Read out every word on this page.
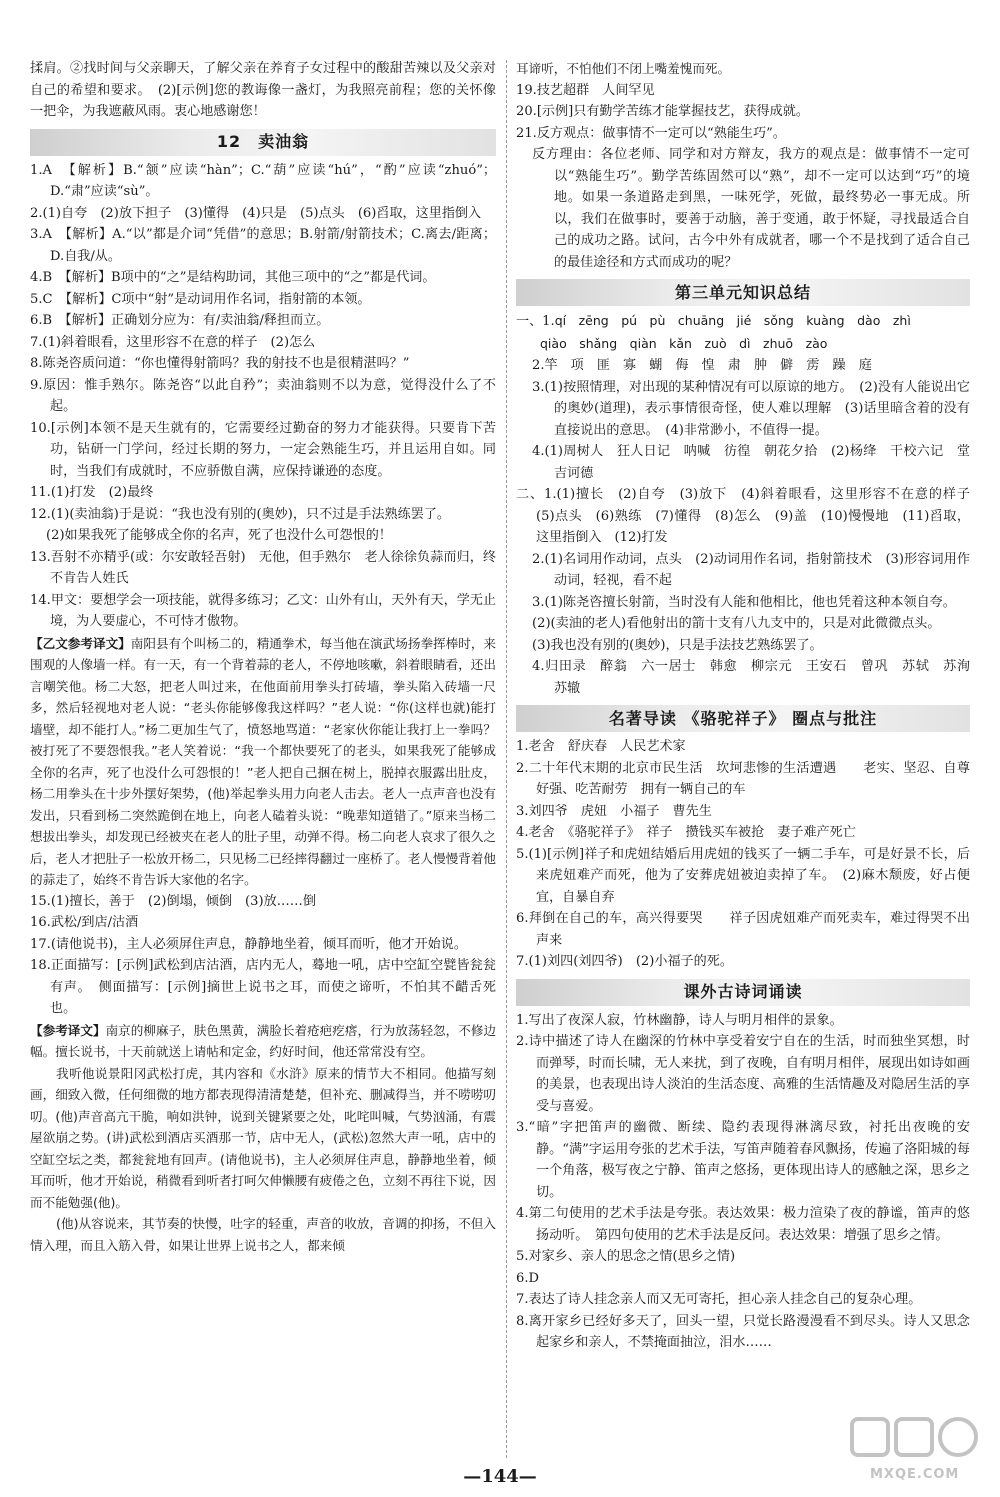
揉肩。②找时间与父亲聊天，了解父亲在养育子女过程中的酸甜苦辣以及父亲对自己的希望和要求。　(2)[示例]您的教诲像一盏灯，为我照亮前程；您的关怀像一把伞，为我遮蔽风雨。衷心地感谢您！

12　卖油翁

1.A　【解析】B.“颔”应读“hàn”；C.“葫”应读“hú”，“酌”应读“zhuó”；D.“肃”应读“sù”。

2.(1)自夸　(2)放下担子　(3)懂得　(4)只是　(5)点头　(6)舀取，这里指倒入

3.A　【解析】A.“以”都是介词“凭借”的意思；B.射箭/射箭技术；C.离去/距离；D.自我/从。

4.B　【解析】B项中的“之”是结构助词，其他三项中的“之”都是代词。

5.C　【解析】C项中“射”是动词用作名词，指射箭的本领。

6.B　【解析】正确划分应为：有/卖油翁/释担而立。

7.(1)斜着眼看，这里形容不在意的样子　(2)怎么

8.陈尧咨质问道：“你也懂得射箭吗？我的射技不也是很精湛吗？”

9.原因：惟手熟尔。陈尧咨“以此自矜”；卖油翁则不以为意，觉得没什么了不起。

10.[示例]本领不是天生就有的，它需要经过勤奋的努力才能获得。只要肯下苦功，钻研一门学问，经过长期的努力，一定会熟能生巧，并且运用自如。同时，当我们有成就时，不应骄傲自满，应保持谦逊的态度。

11.(1)打发　(2)最终

12.(1)(卖油翁)于是说：“我也没有别的(奥妙)，只不过是手法熟练罢了。

(2)如果我死了能够成全你的名声，死了也没什么可怨恨的！

13.吾射不亦精乎(或：尔安敢轻吾射)　无他，但手熟尔　老人徐徐负蒜而归，终不肯告人姓氏

14.甲文：要想学会一项技能，就得多练习；乙文：山外有山，天外有天，学无止境，为人要虚心，不可恃才傲物。

【乙文参考译文】南阳县有个叫杨二的，精通拳术，每当他在演武场扬拳挥棒时，来围观的人像墙一样。有一天，有一个背着蒜的老人，不停地咳嗽，斜着眼睛看，还出言嘲笑他。杨二大怒，把老人叫过来，在他面前用拳头打砖墙，拳头陷入砖墙一尺多，然后轻视地对老人说：“老头你能够像我这样吗？”老人说：“你(这样也就)能打墙壁，却不能打人。”杨二更加生气了，愤怒地骂道：“老家伙你能让我打上一拳吗？被打死了不要怨恨我。”老人笑着说：“我一个都快要死了的老头，如果我死了能够成全你的名声，死了也没什么可怨恨的！”老人把自己捆在树上，脱掉衣服露出肚皮，杨二用拳头在十步外摆好架势，(他)举起拳头用力向老人击去。老人一点声音也没有发出，只看到杨二突然跪倒在地上，向老人磕着头说：“晚辈知道错了。”原来当杨二想拔出拳头，却发现已经被夹在老人的肚子里，动弹不得。杨二向老人哀求了很久之后，老人才把肚子一松放开杨二，只见杨二已经摔得翻过一座桥了。老人慢慢背着他的蒜走了，始终不肯告诉大家他的名字。

15.(1)擅长，善于　(2)倒塌，倾倒　(3)放……倒

16.武松/到店/沽酒

17.(请他说书)，主人必须屏住声息，静静地坐着，倾耳而听，他才开始说。

18.正面描写：[示例]武松到店沽酒，店内无人，蓦地一吼，店中空缸空甓皆瓮瓮有声。　侧面描写：[示例]摘世上说书之耳，而使之谛听，不怕其不齰舌死也。

【参考译文】南京的柳麻子，肤色黑黄，满脸长着疮疤疙瘩，行为放荡轻忽，不修边幅。擅长说书，十天前就送上请帖和定金，约好时间，他还常常没有空。

我听他说景阳冈武松打虎，其内容和《水浒》原来的情节大不相同。他描写刻画，细致入微，任何细微的地方都表现得清清楚楚，但补充、删减得当，并不唠唠叨叨。(他)声音高亢干脆，响如洪钟，说到关键紧要之处，叱咤叫喊，气势汹涌，有震屋欲崩之势。(讲)武松到酒店买酒那一节，店中无人，(武松)忽然大声一吼，店中的空缸空坛之类，都瓮瓮地有回声。(请他说书)，主人必须屏住声息，静静地坐着，倾耳而听，他才开始说，稍微看到听者打呵欠伸懒腰有疲倦之色，立刻不再往下说，因而不能勉强(他)。

(他)从容说来，其节奏的快慢，吐字的轻重，声音的收放，音调的抑扬，不但入情入理，而且入筋入骨，如果让世界上说书之人，都来倾

耳谛听，不怕他们不闭上嘴羞愧而死。

19.技艺超群　人间罕见

20.[示例]只有勤学苦练才能掌握技艺，获得成就。

21.反方观点：做事情不一定可以“熟能生巧”。

反方理由：各位老师、同学和对方辩友，我方的观点是：做事情不一定可以“熟能生巧”。勤学苦练固然可以“熟”，却不一定可以达到“巧”的境地。如果一条道路走到黑，一味死学，死做，最终势必一事无成。所以，我们在做事时，要善于动脑，善于变通，敢于怀疑，寻找最适合自己的成功之路。试问，古今中外有成就者，哪一个不是找到了适合自己的最佳途径和方式而成功的呢？

第三单元知识总结

一、1.qí　zēng　pú　pù　chuāng　jié　sǒng　kuàng　dào　zhì

qiào　shǎng　qiàn　kǎn　zuò　dì　zhuō　zào

2.竿　项　匪　寡　蝴　侮　惶　肃　肿　僻　雳　躁　庭

3.(1)按照情理，对出现的某种情况有可以原谅的地方。　(2)没有人能说出它的奥妙(道理)，表示事情很奇怪，使人难以理解　(3)话里暗含着的没有直接说出的意思。　(4)非常渺小，不值得一提。

4.(1)周树人　狂人日记　呐喊　彷徨　朝花夕拾　(2)杨绛　干校六记　堂吉诃德

二、1.(1)擅长　(2)自夸　(3)放下　(4)斜着眼看，这里形容不在意的样子　(5)点头　(6)熟练　(7)懂得　(8)怎么　(9)盖　(10)慢慢地　(11)舀取，这里指倒入　(12)打发

2.(1)名词用作动词，点头　(2)动词用作名词，指射箭技术　(3)形容词用作动词，轻视，看不起

3.(1)陈尧咨擅长射箭，当时没有人能和他相比，他也凭着这种本领自夸。

(2)(卖油的老人)看他射出的箭十支有八九支中的，只是对此微微点头。

(3)我也没有别的(奥妙)，只是手法技艺熟练罢了。

4.归田录　醉翁　六一居士　韩愈　柳宗元　王安石　曾巩　苏轼　苏洵　苏辙

名著导读 《骆驼祥子》 圈点与批注

1.老舍　舒庆春　人民艺术家

2.二十年代末期的北京市民生活　坎坷悲惨的生活遭遇　　老实、坚忍、自尊好强、吃苦耐劳　拥有一辆自己的车

3.刘四爷　虎妞　小福子　曹先生

4.老舍　《骆驼祥子》　祥子　攒钱买车被抢　妻子难产死亡

5.(1)[示例]祥子和虎妞结婚后用虎妞的钱买了一辆二手车，可是好景不长，后来虎妞难产而死，他为了安葬虎妞被迫卖掉了车。　(2)麻木颓废，好占便宜，自暴自弃

6.拜倒在自己的车，高兴得要哭　　祥子因虎妞难产而死卖车，难过得哭不出声来

7.(1)刘四(刘四爷)　(2)小福子的死。

课外古诗词诵读

1.写出了夜深人寂，竹林幽静，诗人与明月相伴的景象。

2.诗中描述了诗人在幽深的竹林中享受着安宁自在的生活，时而独坐冥想，时而弹琴，时而长啸，无人来扰，到了夜晚，自有明月相伴，展现出如诗如画的美景，也表现出诗人淡泊的生活态度、高雅的生活情趣及对隐居生活的享受与喜爱。

3.“暗”字把笛声的幽微、断续、隐约表现得淋漓尽致，衬托出夜晚的安静。“满”字运用夸张的艺术手法，写笛声随着春风飘扬，传遍了洛阳城的每一个角落，极写夜之宁静、笛声之悠扬，更体现出诗人的感触之深，思乡之切。

4.第二句使用的艺术手法是夸张。表达效果：极力渲染了夜的静谧，笛声的悠扬动听。　第四句使用的艺术手法是反问。表达效果：增强了思乡之情。

5.对家乡、亲人的思念之情(思乡之情)

6.D

7.表达了诗人挂念亲人而又无可寄托，担心亲人挂念自己的复杂心理。

8.离开家乡已经好多天了，回头一望，只觉长路漫漫看不到尽头。诗人又思念起家乡和亲人，不禁掩面抽泣，泪水……

—144—	MXQE.COM
